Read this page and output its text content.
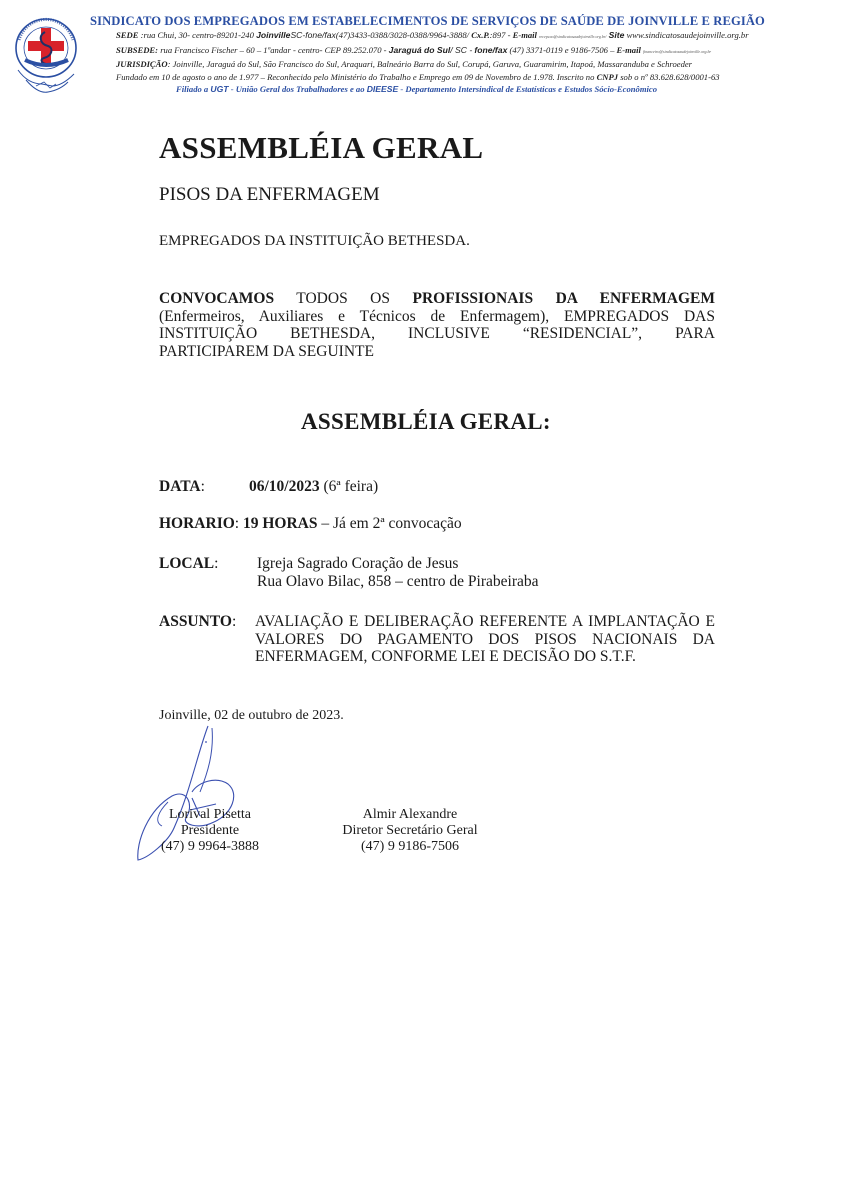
SINDICATO DOS EMPREGADOS EM ESTABELECIMENTOS DE SERVIÇOS DE SAÚDE DE JOINVILLE E REGIÃO
SEDE :rua Chui, 30- centro-89201-240 JoinvilleSC-fone/fax(47)3433-0388/3028-0388/9964-3888/ Cx.P.:897 - E-mail recepcao@sindicatosaudejoinville.org.br/ Site www.sindicatosaudejoinville.org.br
SUBSEDE: rua Francisco Fischer – 60 – 1ºandar - centro- CEP 89.252.070 - Jaraguá do Sul/ SC - fone/fax (47) 3371-0119 e 9186-7506 – E-mail financeiro@sindicatosaudejoinville.org.br
JURISDIÇÃO: Joinville, Jaraguá do Sul, São Francisco do Sul, Araquari, Balneário Barra do Sul, Corupá, Garuva, Guaramirim, Itapoá, Massaranduba e Schroeder
Fundado em 10 de agosto o ano de 1.977 – Reconhecido pelo Ministério do Trabalho e Emprego em 09 de Novembro de 1.978. Inscrito no CNPJ sob o nº 83.628.628/0001-63
Filiado a UGT - União Geral dos Trabalhadores e ao DIEESE - Departamento Intersindical de Estatísticas e Estudos Sócio-Econômico
ASSEMBLÉIA GERAL
PISOS DA ENFERMAGEM
EMPREGADOS DA INSTITUIÇÃO BETHESDA.
CONVOCAMOS TODOS OS PROFISSIONAIS DA ENFERMAGEM
(Enfermeiros, Auxiliares e Técnicos de Enfermagem), EMPREGADOS DAS
INSTITUIÇÃO BETHESDA, INCLUSIVE “RESIDENCIAL”, PARA
PARTICIPAREM DA SEGUINTE
ASSEMBLÉIA GERAL:
DATA:	06/10/2023 (6ª feira)
HORARIO: 19 HORAS – Já em 2ª convocação
LOCAL: Igreja Sagrado Coração de Jesus
Rua Olavo Bilac, 858 – centro de Pirabeiraba
ASSUNTO: AVALIAÇÃO E DELIBERAÇÃO REFERENTE A IMPLANTAÇÃO E
VALORES DO PAGAMENTO DOS PISOS NACIONAIS DA
ENFERMAGEM, CONFORME LEI E DECISÃO DO S.T.F.
Joinville, 02 de outubro de 2023.
Lorival Pisetta
Presidente
(47) 9 9964-3888
Almir Alexandre
Diretor Secretário Geral
(47) 9 9186-7506
